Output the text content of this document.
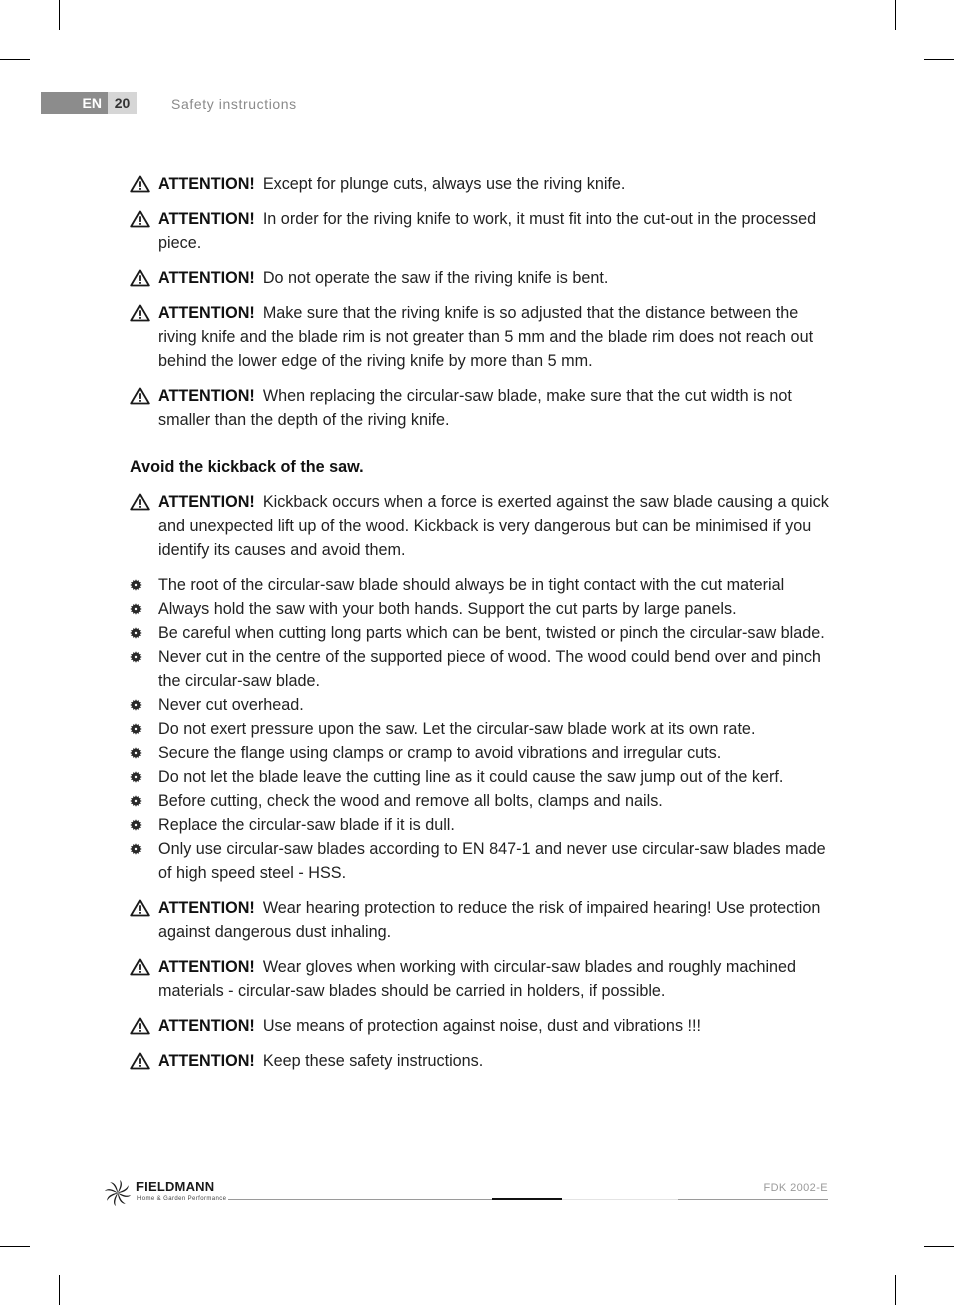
EN 20	Safety instructions
ATTENTION! Except for plunge cuts, always use the riving knife.
ATTENTION! In order for the riving knife to work, it must fit into the cut-out in the processed piece.
ATTENTION! Do not operate the saw if the riving knife is bent.
ATTENTION! Make sure that the riving knife is so adjusted that the distance between the riving knife and the blade rim is not greater than 5 mm and the blade rim does not reach out behind the lower edge of the riving knife by more than 5 mm.
ATTENTION! When replacing the circular-saw blade, make sure that the cut width is not smaller than the depth of the riving knife.
Avoid the kickback of the saw.
ATTENTION! Kickback occurs when a force is exerted against the saw blade causing a quick and unexpected lift up of the wood. Kickback is very dangerous but can be minimised if you identify its causes and avoid them.
The root of the circular-saw blade should always be in tight contact with the cut material
Always hold the saw with your both hands. Support the cut parts by large panels.
Be careful when cutting long parts which can be bent, twisted or pinch the circular-saw blade.
Never cut in the centre of the supported piece of wood. The wood could bend over and pinch the circular-saw blade.
Never cut overhead.
Do not exert pressure upon the saw. Let the circular-saw blade work at its own rate.
Secure the flange using clamps or cramp to avoid vibrations and irregular cuts.
Do not let the blade leave the cutting line as it could cause the saw jump out of the kerf.
Before cutting, check the wood and remove all bolts, clamps and nails.
Replace the circular-saw blade if it is dull.
Only use circular-saw blades according to EN 847-1 and never use circular-saw blades made of high speed steel - HSS.
ATTENTION! Wear hearing protection to reduce the risk of impaired hearing! Use protection against dangerous dust inhaling.
ATTENTION! Wear gloves when working with circular-saw blades and roughly machined materials - circular-saw blades should be carried in holders, if possible.
ATTENTION! Use means of protection against noise, dust and vibrations !!!
ATTENTION! Keep these safety instructions.
FIELDMANN
Home & Garden Performance
FDK 2002-E
